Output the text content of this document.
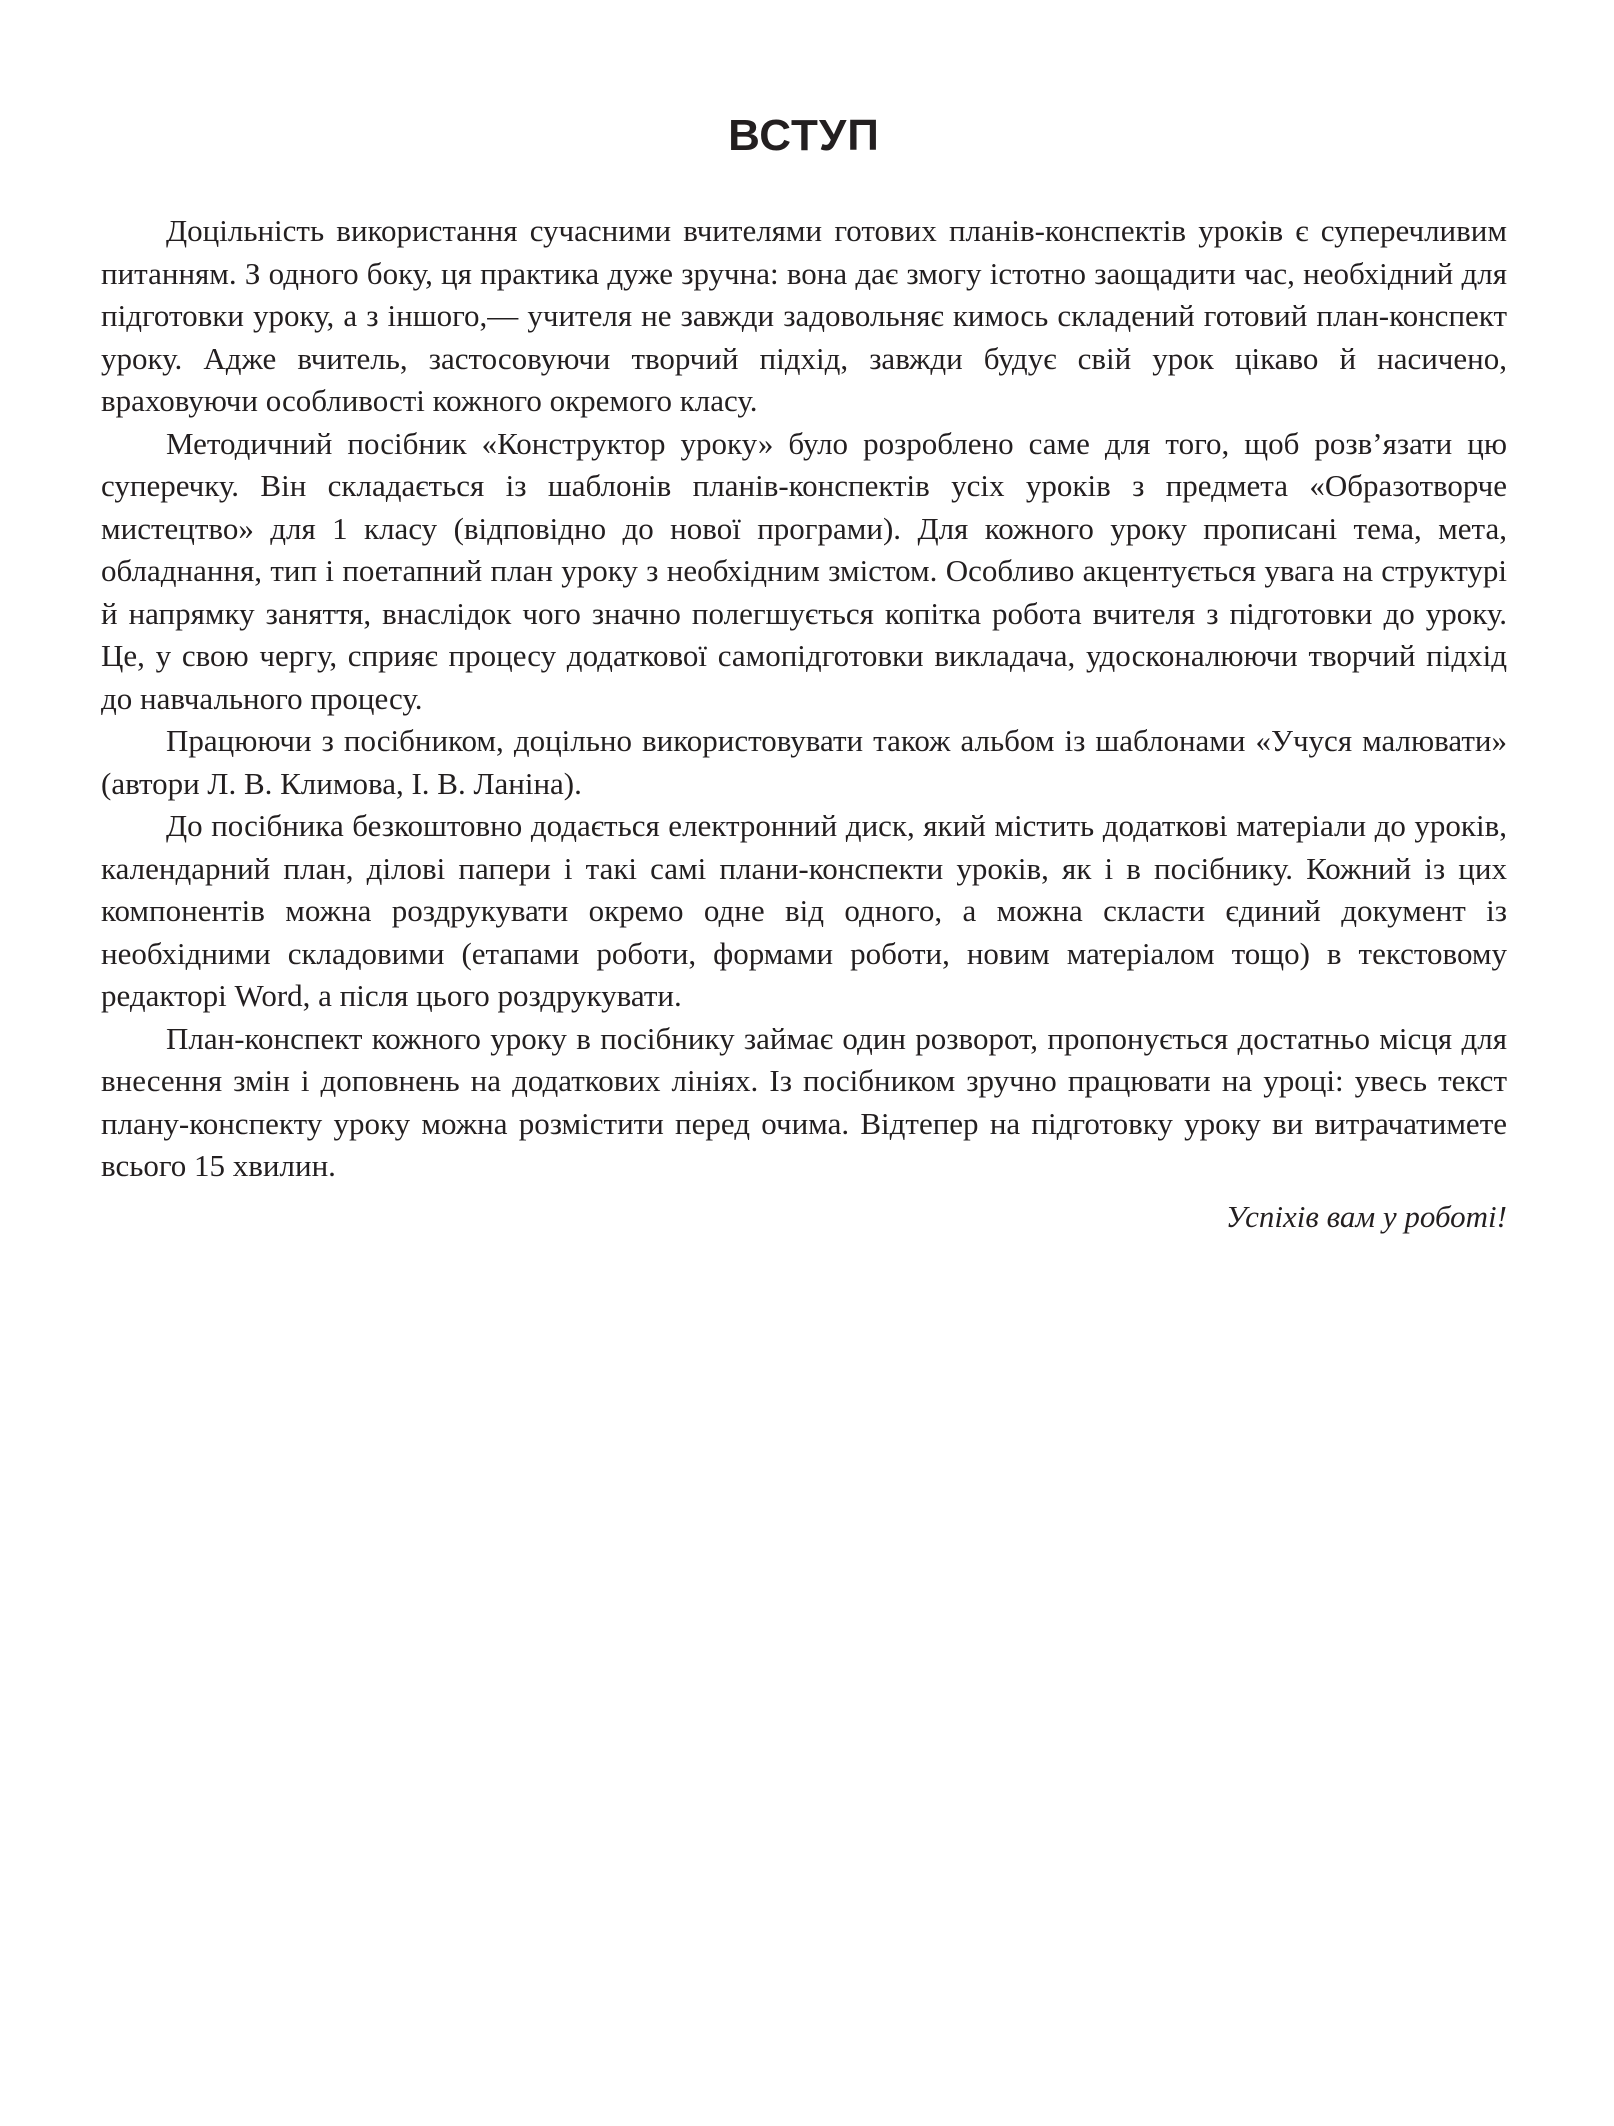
ВСТУП

Доцільність використання сучасними вчителями готових планів-конспектів уроків є суперечливим питанням. З одного боку, ця практика дуже зручна: вона дає змогу істотно заощадити час, необхідний для підготовки уроку, а з іншого,— учителя не завжди задовольняє кимось складений готовий план-конспект уроку. Адже вчитель, застосовуючи творчий підхід, завжди будує свій урок цікаво й насичено, враховуючи особливості кожного окремого класу.

Методичний посібник «Конструктор уроку» було розроблено саме для того, щоб розв’язати цю суперечку. Він складається із шаблонів планів-конспектів усіх уроків з предмета «Образотворче мистецтво» для 1 класу (відповідно до нової програми). Для кожного уроку прописані тема, мета, обладнання, тип і поетапний план уроку з необхідним змістом. Особливо акцентується увага на структурі й напрямку заняття, внаслідок чого значно полегшується копітка робота вчителя з підготовки до уроку. Це, у свою чергу, сприяє процесу додаткової самопідготовки викладача, удосконалюючи творчий підхід до навчального процесу.

Працюючи з посібником, доцільно використовувати також альбом із шаблонами «Учуся малювати» (автори Л. В. Климова, І. В. Ланіна).

До посібника безкоштовно додається електронний диск, який містить додаткові матеріали до уроків, календарний план, ділові папери і такі самі плани-конспекти уроків, як і в посібнику. Кожний із цих компонентів можна роздрукувати окремо одне від одного, а можна скласти єдиний документ із необхідними складовими (етапами роботи, формами роботи, новим матеріалом тощо) в текстовому редакторі Word, а після цього роздрукувати.

План-конспект кожного уроку в посібнику займає один розворот, пропонується достатньо місця для внесення змін і доповнень на додаткових лініях. Із посібником зручно працювати на уроці: увесь текст плану-конспекту уроку можна розмістити перед очима. Відтепер на підготовку уроку ви витрачатимете всього 15 хвилин.

Успіхів вам у роботі!
